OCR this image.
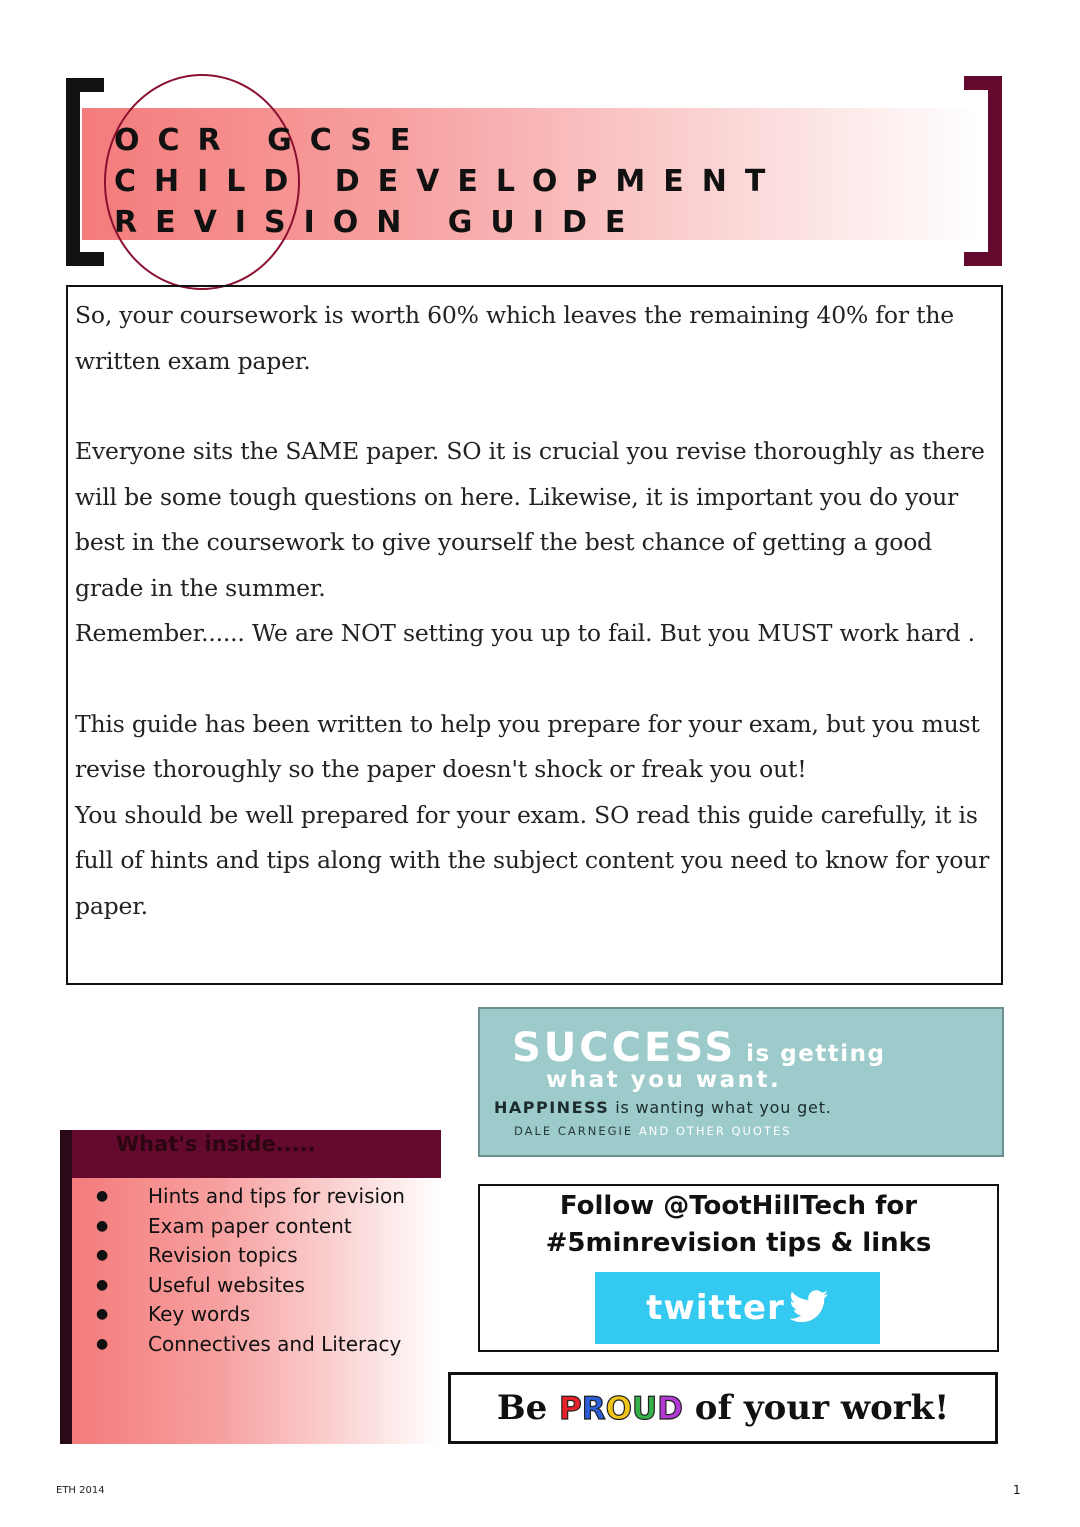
OCR GCSE
CHILD DEVELOPMENT
REVISION GUIDE

So, your coursework is worth 60% which leaves the remaining 40% for the written exam paper.

Everyone sits the SAME paper. SO it is crucial you revise thoroughly as there will be some tough questions on here. Likewise, it is important you do your best in the coursework to give yourself the best chance of getting a good grade in the summer.

Remember...... We are NOT setting you up to fail. But you MUST work hard .

This guide has been written to help you prepare for your exam, but you must revise thoroughly so the paper doesn't shock or freak you out!

You should be well prepared for your exam. SO read this guide carefully, it is full of hints and tips along with the subject content you need to know for your paper.

SUCCESS is getting
what you want.
HAPPINESS is wanting what you get.
DALE CARNEGIE AND OTHER QUOTES
What's inside.....
● Hints and tips for revision
● Exam paper content
● Revision topics
● Useful websites
● Key words
● Connectives and Literacy
Follow @TootHillTech for
#5minrevision tips & links
twitter
Be PROUD of your work!
ETH 2014	1
